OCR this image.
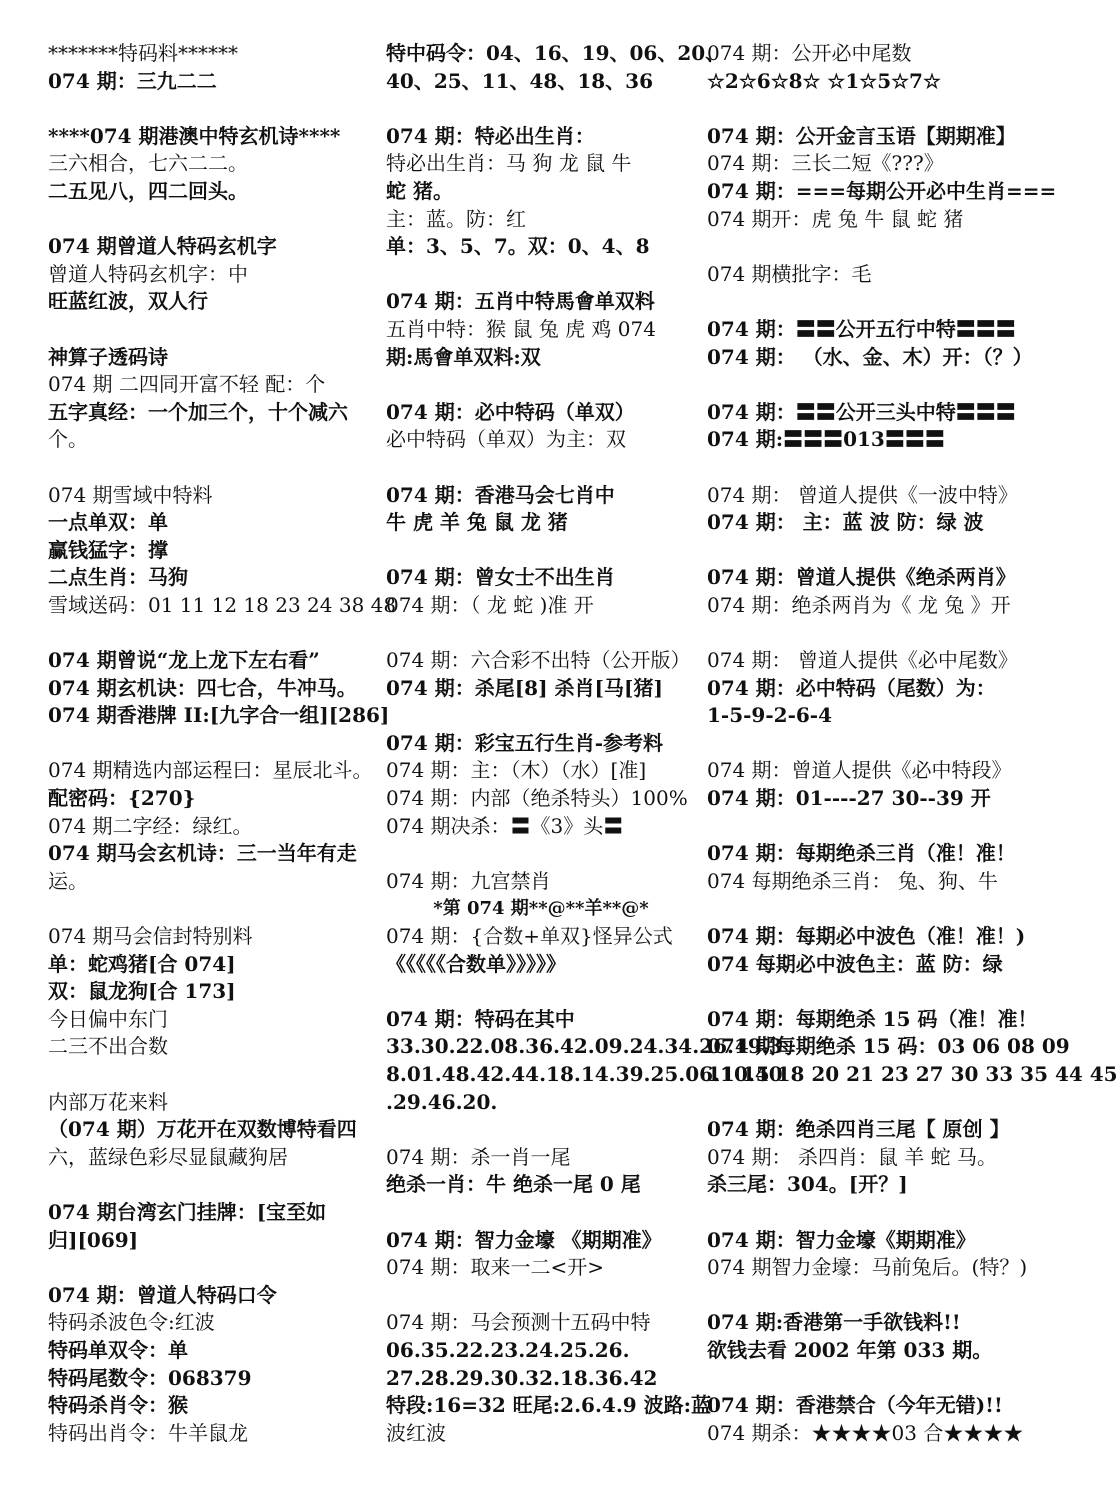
*******特码料******
074 期：三九二二
****074 期港澳中特玄机诗****
三六相合，七六二二。
二五见八，四二回头。
074 期曾道人特码玄机字
曾道人特码玄机字：中
旺蓝红波，双人行
神算子透码诗
074 期 二四同开富不轻 配：个
五字真经：一个加三个，十个减六
个。
074 期雪域中特料
一点单双：单
赢钱猛字：撑
二点生肖：马狗
雪域送码：01 11 12 18 23 24 38 48
074 期曾说“龙上龙下左右看”
074 期玄机诀：四七合，牛冲马。
074 期香港牌 II:[九字合一组][286]
074 期精选内部运程曰：星辰北斗。
配密码：{270}
074 期二字经：绿红。
074 期马会玄机诗：三一当年有走
运。
074 期马会信封特别料
单：蛇鸡猪[合 074]
双：鼠龙狗[合 173]
今日偏中东门
二三不出合数
内部万花来料
（074 期）万花开在双数博特看四
六，蓝绿色彩尽显鼠藏狗居
074 期台湾玄门挂牌：[宝至如
归][069]
074 期：曾道人特码口令
特码杀波色令:红波
特码单双令：单
特码尾数令：068379
特码杀肖令：猴
特码出肖令：牛羊鼠龙
特中码令：04、16、19、06、20、
40、25、11、48、18、36
074 期：特必出生肖：
特必出生肖：马 狗 龙 鼠 牛
蛇 猪。
主：蓝。防：红
单：3、5、7。双：0、4、8
074 期：五肖中特馬會单双料
五肖中特：猴 鼠 兔 虎 鸡 074
期:馬會单双料:双
074 期：必中特码（单双）
必中特码（单双）为主：双
074 期：香港马会七肖中
牛 虎 羊 兔 鼠 龙 猪
074 期：曾女士不出生肖
074 期：（ 龙 蛇 )准 开
074 期：六合彩不出特（公开版）
074 期：杀尾[8] 杀肖[马[猪]
074 期：彩宝五行生肖-参考料
074 期：主：（木）（水）[准]
074 期：内部（绝杀特头）100%
074 期决杀：〓《3》头〓
074 期：九宫禁肖
*第 074 期**@**羊**@*
074 期：{合数+单双}怪异公式
《《《《《合数单》》》》》
074 期：特码在其中
33.30.22.08.36.42.09.24.34.26.19.3
8.01.48.42.44.18.14.39.25.06.10.40
.29.46.20.
074 期：杀一肖一尾
绝杀一肖：牛 绝杀一尾 0 尾
074 期：智力金壕 《期期准》
074 期：取来一二<开>
074 期：马会预测十五码中特
06.35.22.23.24.25.26.
27.28.29.30.32.18.36.42
特段:16=32 旺尾:2.6.4.9 波路:蓝
波红波
074 期：公开必中尾数
☆2☆6☆8☆ ☆1☆5☆7☆
074 期：公开金言玉语【期期准】
074 期：三长二短《???》
074 期：===每期公开必中生肖===
074 期开：虎 兔 牛 鼠 蛇 猪
074 期横批字：毛
074 期：〓〓公开五行中特〓〓〓
074 期： （水、金、木）开：（？）
074 期：〓〓公开三头中特〓〓〓
074 期:〓〓〓013〓〓〓
074 期： 曾道人提供《一波中特》
074 期： 主：蓝 波 防：绿 波
074 期：曾道人提供《绝杀两肖》
074 期：绝杀两肖为《 龙 兔 》开
074 期： 曾道人提供《必中尾数》
074 期：必中特码（尾数）为：
1-5-9-2-6-4
074 期：曾道人提供《必中特段》
074 期：01----27 30--39 开
074 期：每期绝杀三肖（准！准！
074 每期绝杀三肖： 兔、狗、牛
074 期：每期必中波色（准！准！)
074 每期必中波色主：蓝 防：绿
074 期：每期绝杀 15 码（准！准！
074 期每期绝杀 15 码：03 06 08 09
11 15 18 20 21 23 27 30 33 35 44 45
074 期：绝杀四肖三尾【 原创 】
074 期： 杀四肖：鼠 羊 蛇 马。
杀三尾：304。[开？]
074 期：智力金壕《期期准》
074 期智力金壕：马前兔后。(特？)
074 期:香港第一手欲钱料!!
欲钱去看 2002 年第 033 期。
074 期：香港禁合（今年无错)!!
074 期杀：★★★★03 合★★★★
